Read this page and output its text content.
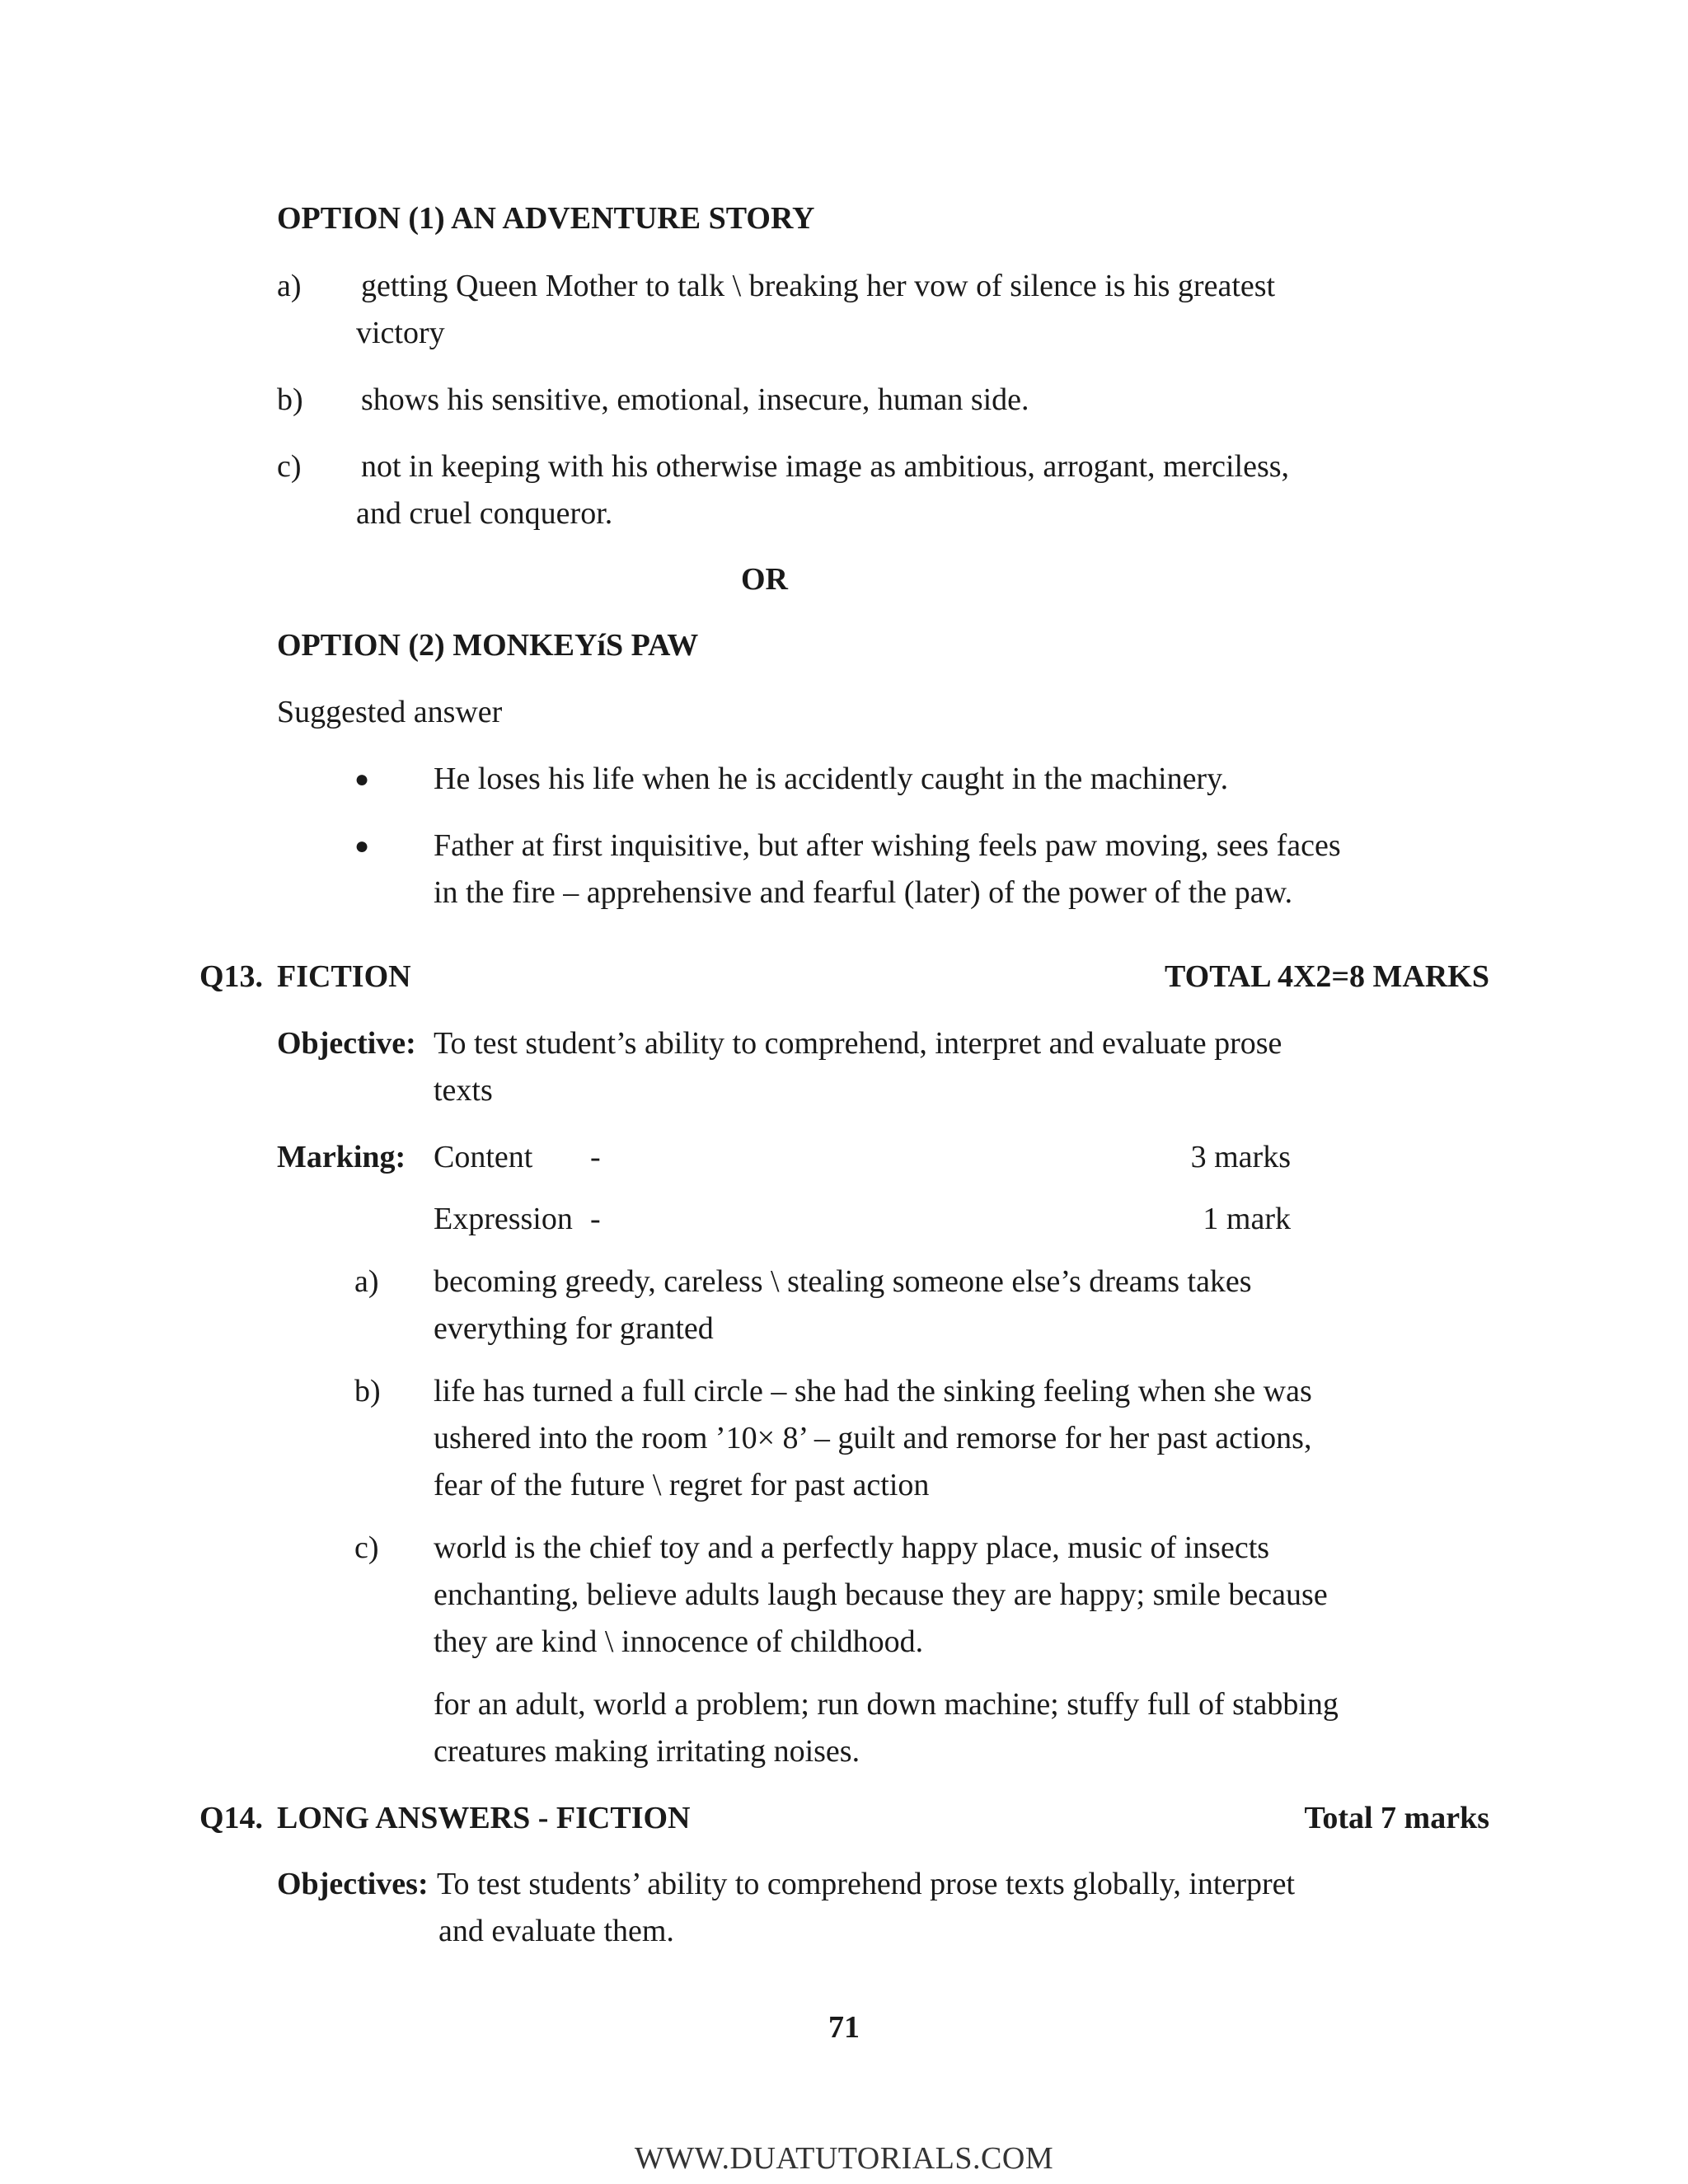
OPTION (1) AN ADVENTURE STORY
a) getting Queen Mother to talk \ breaking her vow of silence is his greatest
victory
b) shows his sensitive, emotional, insecure, human side.
c) not in keeping with his otherwise image as ambitious, arrogant, merciless,
and cruel conqueror.
OR
OPTION (2) MONKEYíS PAW
Suggested answer
● He loses his life when he is accidently caught in the machinery.
● Father at first inquisitive, but after wishing feels paw moving, sees faces
in the fire – apprehensive and fearful (later) of the power of the paw.
Q13. FICTION	TOTAL 4X2=8 MARKS
Objective: To test student’s ability to comprehend, interpret and evaluate prose
texts
Marking: Content -	3 marks
Expression -	1 mark
a) becoming greedy, careless \ stealing someone else’s dreams takes
everything for granted
b) life has turned a full circle – she had the sinking feeling when she was
ushered into the room ’10× 8’ – guilt and remorse for her past actions,
fear of the future \ regret for past action
c) world is the chief toy and a perfectly happy place, music of insects
enchanting, believe adults laugh because they are happy; smile because
they are kind \ innocence of childhood.
for an adult, world a problem; run down machine; stuffy full of stabbing
creatures making irritating noises.
Q14. LONG ANSWERS - FICTION	Total 7 marks
Objectives: To test students’ ability to comprehend prose texts globally, interpret
and evaluate them.
71
WWW.DUATUTORIALS.COM
